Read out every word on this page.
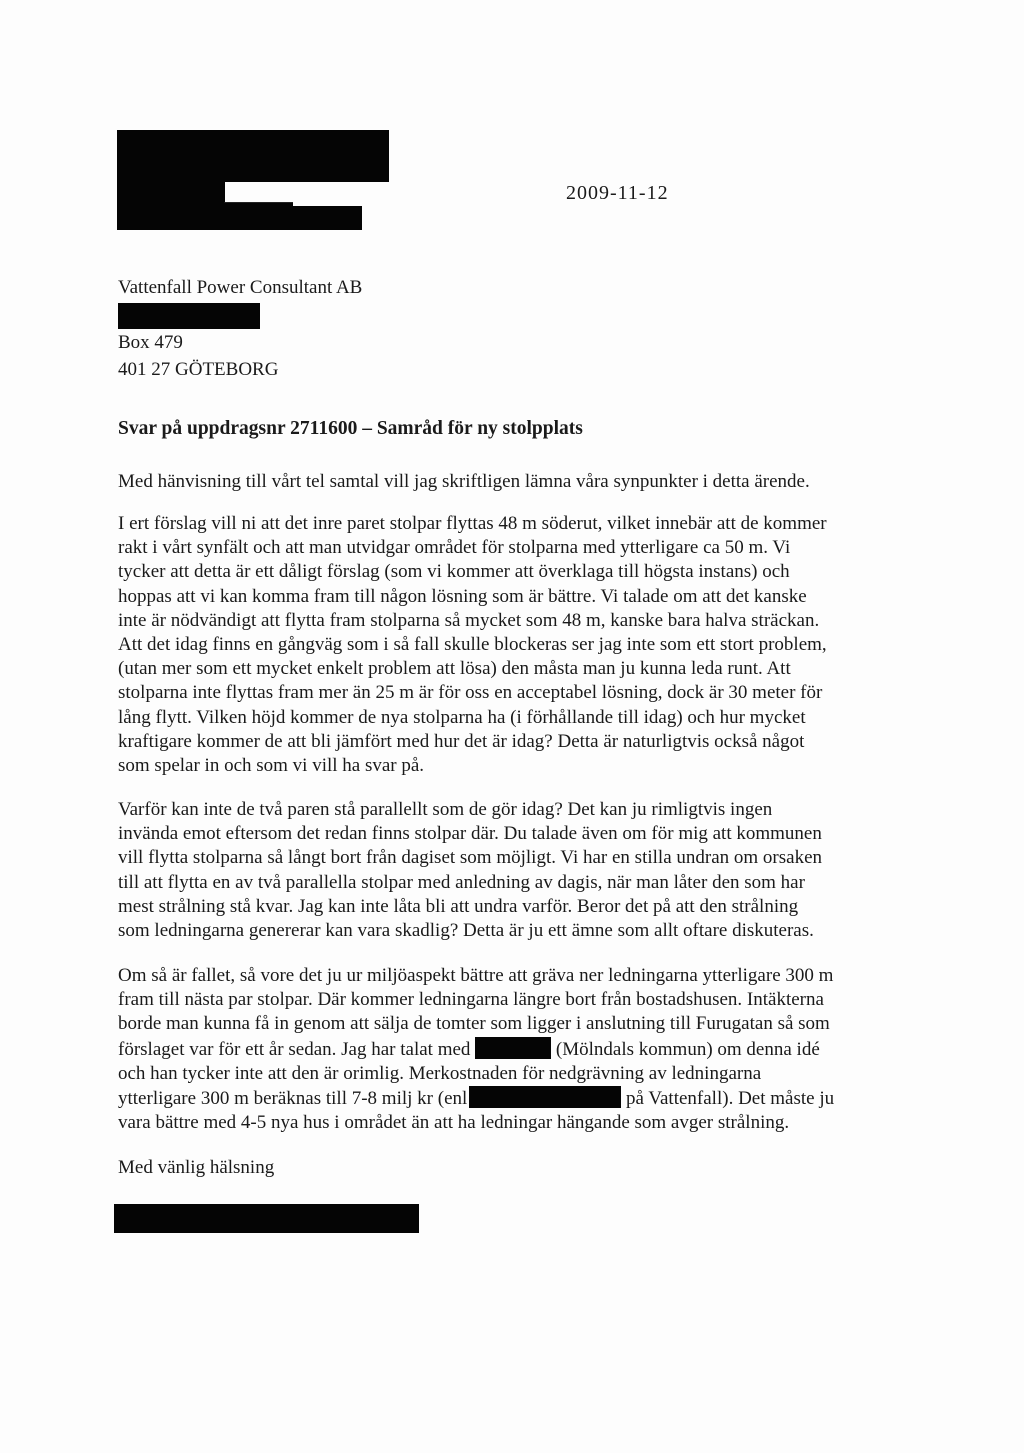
2009-11-12
Vattenfall Power Consultant AB
Box 479
401 27 GÖTEBORG
Svar på uppdragsnr 2711600 – Samråd för ny stolpplats
Med hänvisning till vårt tel samtal vill jag skriftligen lämna våra synpunkter i detta ärende.
I ert förslag vill ni att det inre paret stolpar flyttas 48 m söderut, vilket innebär att de kommer
rakt i vårt synfält och att man utvidgar området för stolparna med ytterligare ca 50 m. Vi
tycker att detta är ett dåligt förslag (som vi kommer att överklaga till högsta instans) och
hoppas att vi kan komma fram till någon lösning som är bättre. Vi talade om att det kanske
inte är nödvändigt att flytta fram stolparna så mycket som 48 m, kanske bara halva sträckan.
Att det idag finns en gångväg som i så fall skulle blockeras ser jag inte som ett stort problem,
(utan mer som ett mycket enkelt problem att lösa) den måsta man ju kunna leda runt. Att
stolparna inte flyttas fram mer än 25 m är för oss en acceptabel lösning, dock är 30 meter för
lång flytt. Vilken höjd kommer de nya stolparna ha (i förhållande till idag) och hur mycket
kraftigare kommer de att bli jämfört med hur det är idag? Detta är naturligtvis också något
som spelar in och som vi vill ha svar på.
Varför kan inte de två paren stå parallellt som de gör idag? Det kan ju rimligtvis ingen
invända emot eftersom det redan finns stolpar där. Du talade även om för mig att kommunen
vill flytta stolparna så långt bort från dagiset som möjligt. Vi har en stilla undran om orsaken
till att flytta en av två parallella stolpar med anledning av dagis, när man låter den som har
mest strålning stå kvar. Jag kan inte låta bli att undra varför. Beror det på att den strålning
som ledningarna genererar kan vara skadlig? Detta är ju ett ämne som allt oftare diskuteras.
Om så är fallet, så vore det ju ur miljöaspekt bättre att gräva ner ledningarna ytterligare 300 m
fram till nästa par stolpar. Där kommer ledningarna längre bort från bostadshusen. Intäkterna
borde man kunna få in genom att sälja de tomter som ligger i anslutning till Furugatan så som
förslaget var för ett år sedan. Jag har talat med	(Mölndals kommun) om denna idé
och han tycker inte att den är orimlig. Merkostnaden för nedgrävning av ledningarna
ytterligare 300 m beräknas till 7-8 milj kr (enl	på Vattenfall). Det måste ju
vara bättre med 4-5 nya hus i området än att ha ledningar hängande som avger strålning.
Med vänlig hälsning
